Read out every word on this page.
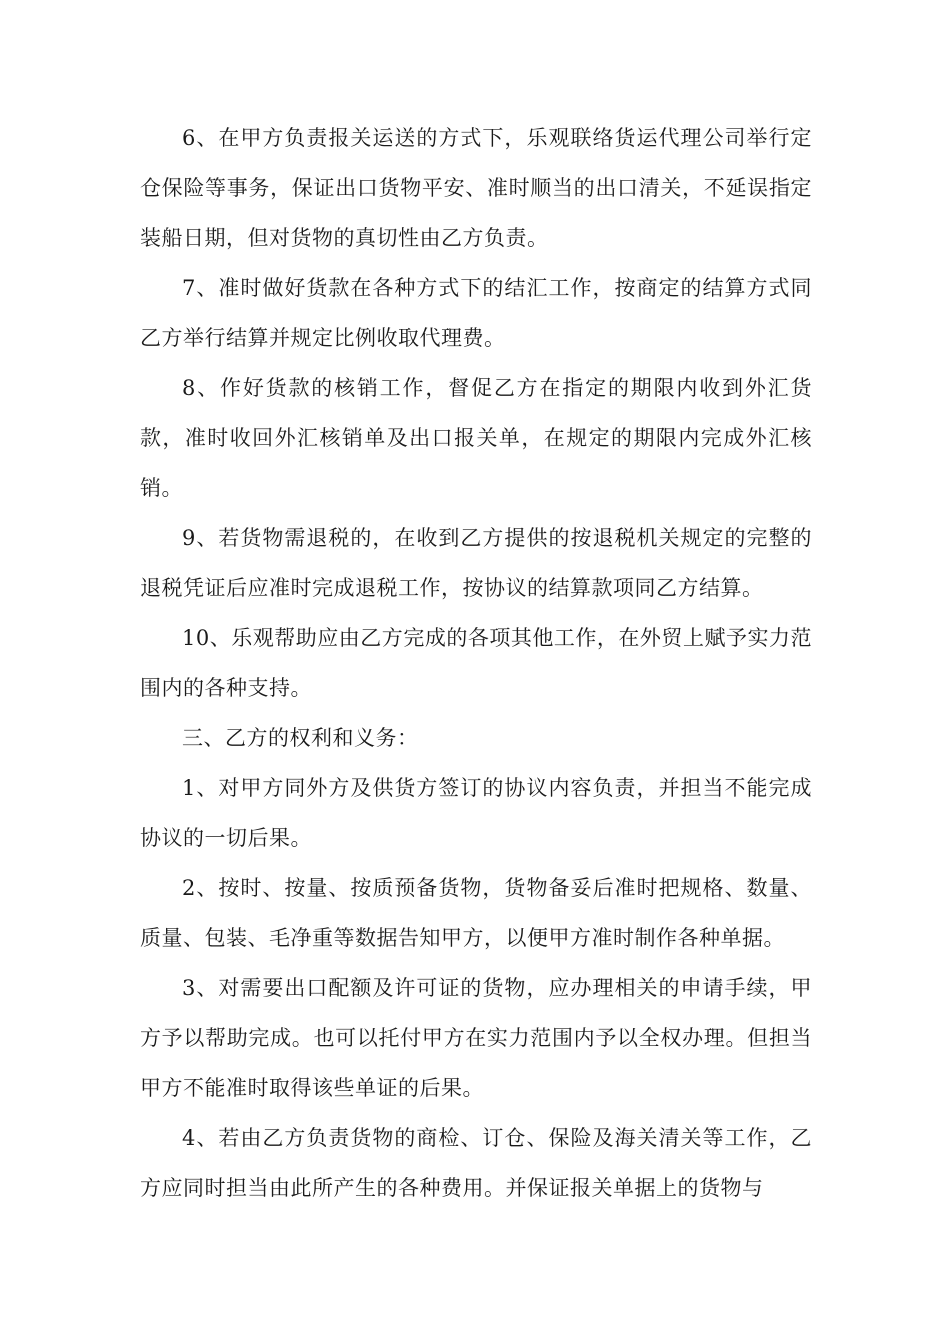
6、在甲方负责报关运送的方式下，乐观联络货运代理公司举行定仓保险等事务，保证出口货物平安、准时顺当的出口清关，不延误指定装船日期，但对货物的真切性由乙方负责。

7、准时做好货款在各种方式下的结汇工作，按商定的结算方式同乙方举行结算并规定比例收取代理费。

8、作好货款的核销工作，督促乙方在指定的期限内收到外汇货款，准时收回外汇核销单及出口报关单，在规定的期限内完成外汇核销。

9、若货物需退税的，在收到乙方提供的按退税机关规定的完整的退税凭证后应准时完成退税工作，按协议的结算款项同乙方结算。

10、乐观帮助应由乙方完成的各项其他工作，在外贸上赋予实力范围内的各种支持。

三、乙方的权利和义务：

1、对甲方同外方及供货方签订的协议内容负责，并担当不能完成协议的一切后果。

2、按时、按量、按质预备货物，货物备妥后准时把规格、数量、质量、包装、毛净重等数据告知甲方，以便甲方准时制作各种单据。

3、对需要出口配额及许可证的货物，应办理相关的申请手续，甲方予以帮助完成。也可以托付甲方在实力范围内予以全权办理。但担当甲方不能准时取得该些单证的后果。

4、若由乙方负责货物的商检、订仓、保险及海关清关等工作，乙方应同时担当由此所产生的各种费用。并保证报关单据上的货物与
